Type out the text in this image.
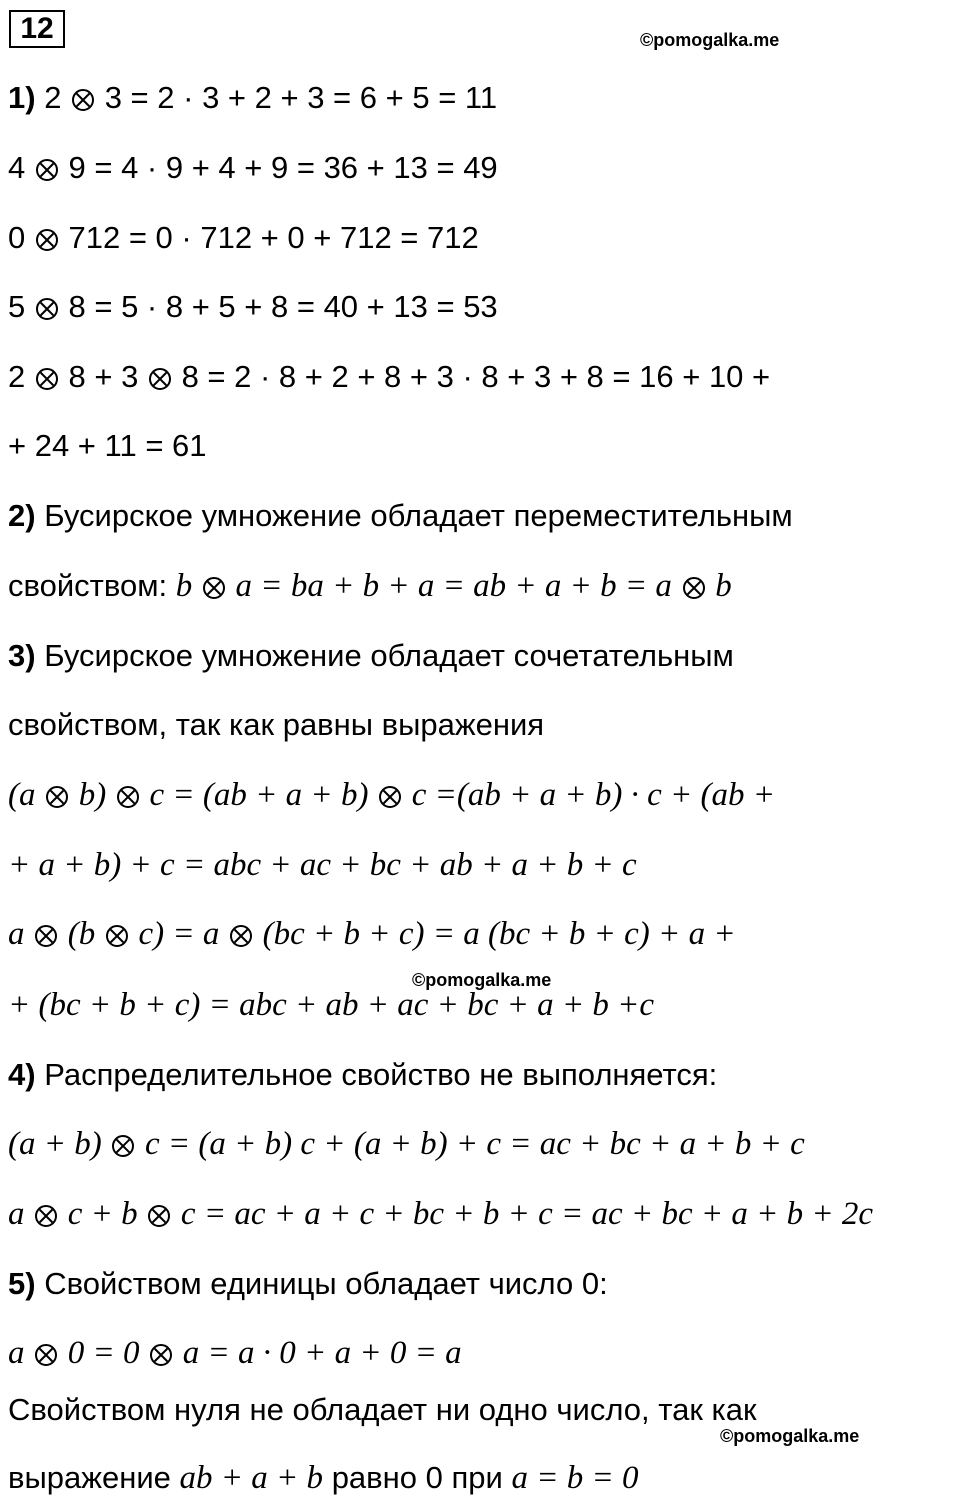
12	©pomogalka.me
©pomogalka.me
©pomogalka.me
1) 2 3 = 2 · 3 + 2 + 3 = 6 + 5 = 11
4 9 = 4 · 9 + 4 + 9 = 36 + 13 = 49
0 712 = 0 · 712 + 0 + 712 = 712
5 8 = 5 · 8 + 5 + 8 = 40 + 13 = 53
2 8 + 3 8 = 2 · 8 + 2 + 8 + 3 · 8 + 3 + 8 = 16 + 10 +
+ 24 + 11 = 61
2) Бусирское умножение обладает переместительным
свойством: b a = ba + b + a = ab + a + b = a b
3) Бусирское умножение обладает сочетательным
свойством, так как равны выражения
(a b) c = (ab + a + b) c =(ab + a + b) · c + (ab +
+ a + b) + c = abc + ac + bc + ab + a + b + c
a (b c) = a (bc + b + c) = a (bc + b + c) + a +
+ (bc + b + c) = abc + ab + ac + bc + a + b +c
4) Распределительное свойство не выполняется:
(a + b) c = (a + b) c + (a + b) + c = ac + bc + a + b + c
a c + b c = ac + a + c + bc + b + c = ac + bc + a + b + 2c
5) Свойством единицы обладает число 0:
a 0 = 0 a = a · 0 + a + 0 = a
Свойством нуля не обладает ни одно число, так как
выражение ab + a + b равно 0 при a = b = 0
